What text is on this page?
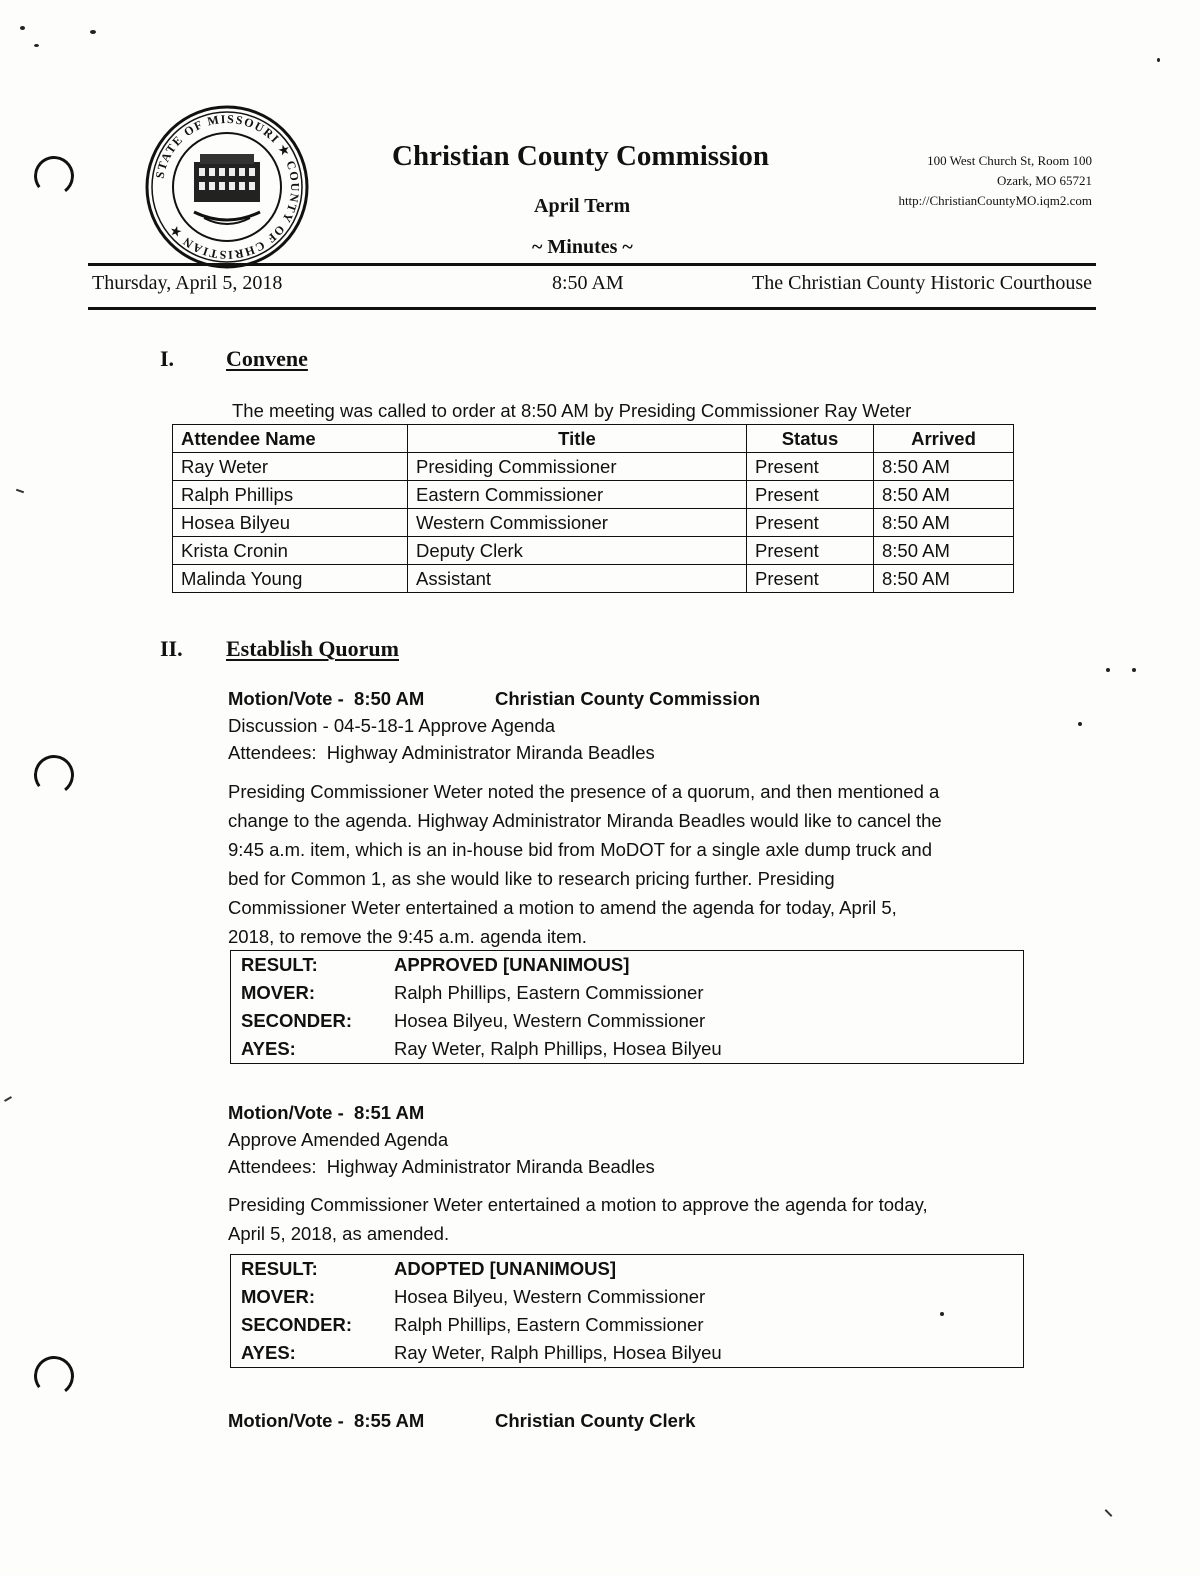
STATE OF MISSOURI ★ COUNTY OF CHRISTIAN ★
Christian County Commission
April Term
~ Minutes ~
100 West Church St, Room 100
Ozark, MO 65721
http://ChristianCountyMO.iqm2.com
Thursday, April 5, 2018	8:50 AM	The Christian County Historic Courthouse
I. Convene
The meeting was called to order at 8:50 AM by Presiding Commissioner Ray Weter
Attendee Name	Title	Status	Arrived
Ray Weter	Presiding Commissioner	Present	8:50 AM
Ralph Phillips	Eastern Commissioner	Present	8:50 AM
Hosea Bilyeu	Western Commissioner	Present	8:50 AM
Krista Cronin	Deputy Clerk	Present	8:50 AM
Malinda Young	Assistant	Present	8:50 AM
II. Establish Quorum
Motion/Vote -  8:50 AM	Christian County Commission
Discussion - 04-5-18-1 Approve Agenda
Attendees:  Highway Administrator Miranda Beadles
Presiding Commissioner Weter noted the presence of a quorum, and then mentioned a
change to the agenda. Highway Administrator Miranda Beadles would like to cancel the
9:45 a.m. item, which is an in-house bid from MoDOT for a single axle dump truck and
bed for Common 1, as she would like to research pricing further. Presiding
Commissioner Weter entertained a motion to amend the agenda for today, April 5,
2018, to remove the 9:45 a.m. agenda item.
RESULT:	APPROVED [UNANIMOUS]
MOVER:	Ralph Phillips, Eastern Commissioner
SECONDER:	Hosea Bilyeu, Western Commissioner
AYES:	Ray Weter, Ralph Phillips, Hosea Bilyeu
Motion/Vote -  8:51 AM
Approve Amended Agenda
Attendees:  Highway Administrator Miranda Beadles
Presiding Commissioner Weter entertained a motion to approve the agenda for today,
April 5, 2018, as amended.
RESULT:	ADOPTED [UNANIMOUS]
MOVER:	Hosea Bilyeu, Western Commissioner
SECONDER:	Ralph Phillips, Eastern Commissioner
AYES:	Ray Weter, Ralph Phillips, Hosea Bilyeu
Motion/Vote -  8:55 AM	Christian County Clerk
